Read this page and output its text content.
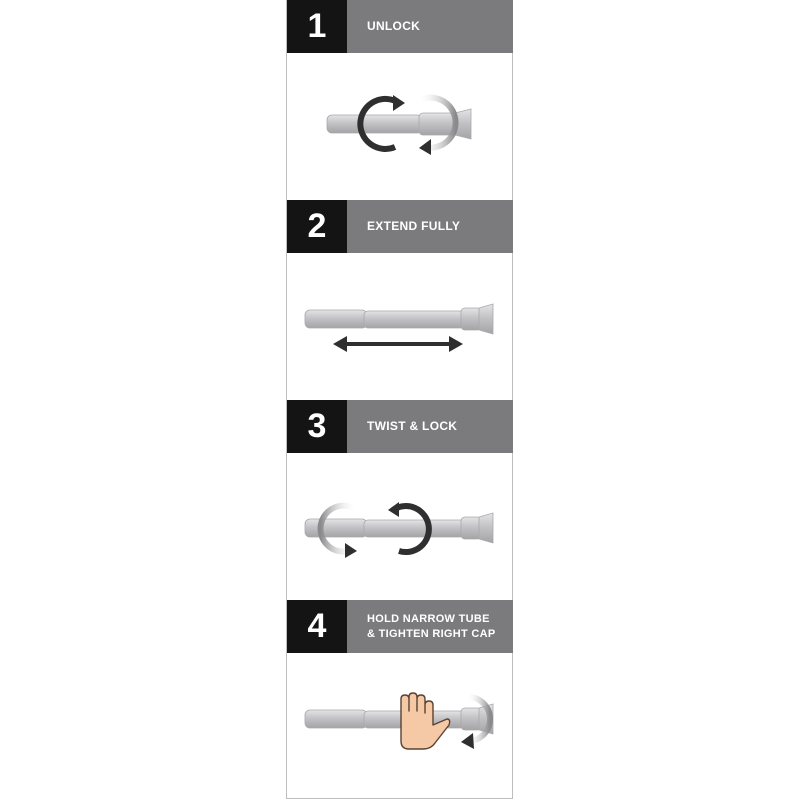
1	UNLOCK
2	EXTEND FULLY
3	TWIST & LOCK
4	HOLD NARROW TUBE
& TIGHTEN RIGHT CAP
